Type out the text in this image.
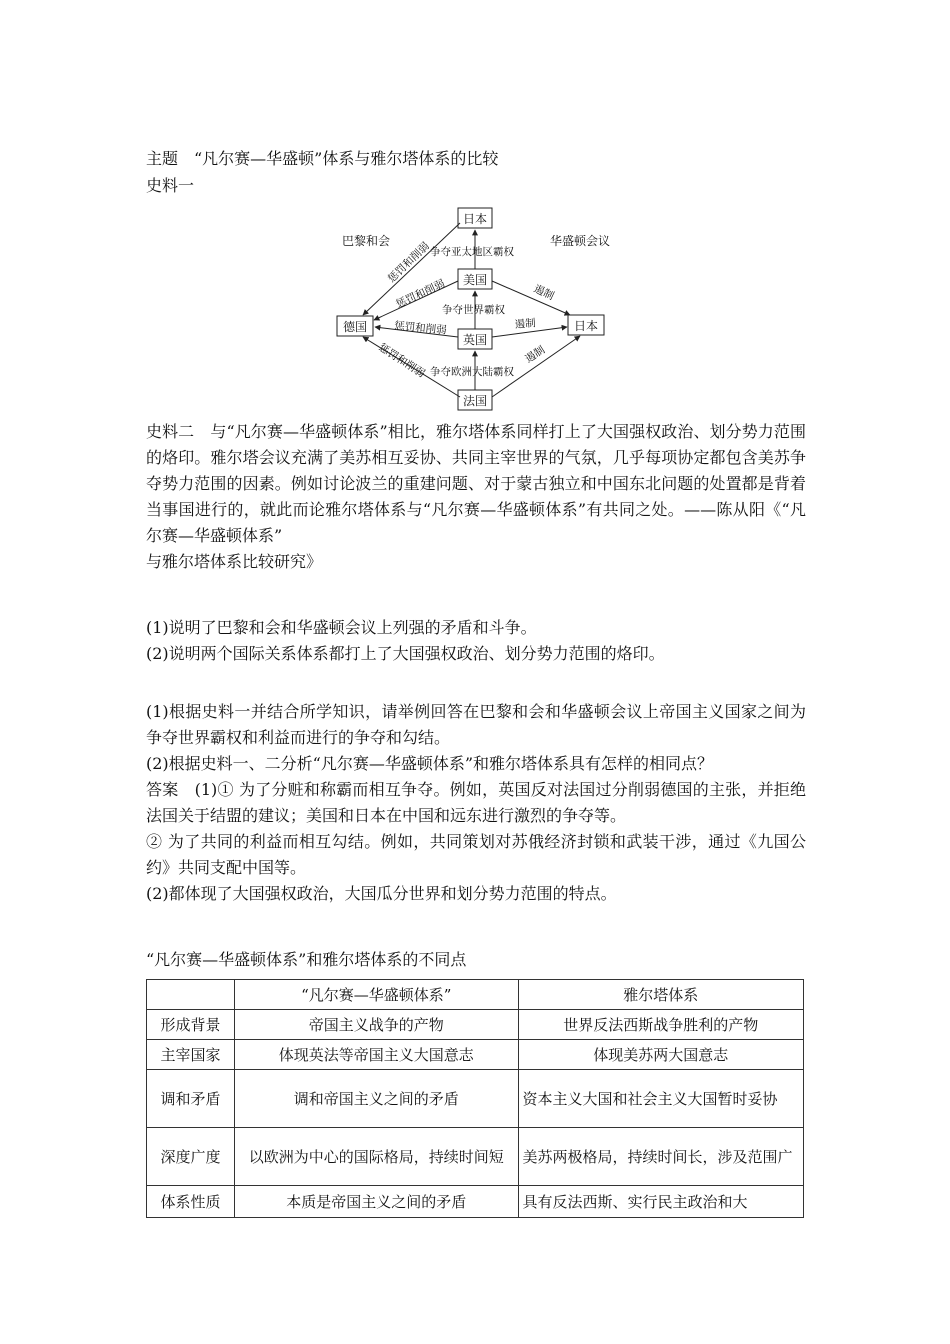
主题　“凡尔赛—华盛顿”体系与雅尔塔体系的比较

史料一

巴黎和会	华盛顿会议
日本
美国
德国
英国
日本
法国
争夺亚太地区霸权
争夺世界霸权
争夺欧洲大陆霸权
惩罚和削弱
惩罚和削弱
惩罚和削弱
惩罚和削弱
遏制
遏制
遏制

史料二　与“凡尔赛—华盛顿体系”相比，雅尔塔体系同样打上了大国强权政治、划分势力范围的烙印。雅尔塔会议充满了美苏相互妥协、共同主宰世界的气氛，几乎每项协定都包含美苏争夺势力范围的因素。例如讨论波兰的重建问题、对于蒙古独立和中国东北问题的处置都是背着当事国进行的，就此而论雅尔塔体系与“凡尔赛—华盛顿体系”有共同之处。——陈从阳《“凡尔赛—华盛顿体系”

与雅尔塔体系比较研究》

(1)说明了巴黎和会和华盛顿会议上列强的矛盾和斗争。

(2)说明两个国际关系体系都打上了大国强权政治、划分势力范围的烙印。

(1)根据史料一并结合所学知识，请举例回答在巴黎和会和华盛顿会议上帝国主义国家之间为争夺世界霸权和利益而进行的争夺和勾结。

(2)根据史料一、二分析“凡尔赛—华盛顿体系”和雅尔塔体系具有怎样的相同点？

答案　(1)① 为了分赃和称霸而相互争夺。例如，英国反对法国过分削弱德国的主张，并拒绝法国关于结盟的建议；美国和日本在中国和远东进行激烈的争夺等。

② 为了共同的利益而相互勾结。例如，共同策划对苏俄经济封锁和武装干涉，通过《九国公约》共同支配中国等。

(2)都体现了大国强权政治，大国瓜分世界和划分势力范围的特点。

“凡尔赛—华盛顿体系”和雅尔塔体系的不同点

	“凡尔赛—华盛顿体系”	雅尔塔体系
形成背景	帝国主义战争的产物	世界反法西斯战争胜利的产物
主宰国家	体现英法等帝国主义大国意志	体现美苏两大国意志
调和矛盾	调和帝国主义之间的矛盾	资本主义大国和社会主义大国暂时妥协
深度广度	以欧洲为中心的国际格局，持续时间短	美苏两极格局，持续时间长，涉及范围广
体系性质	本质是帝国主义之间的矛盾	具有反法西斯、实行民主政治和大
